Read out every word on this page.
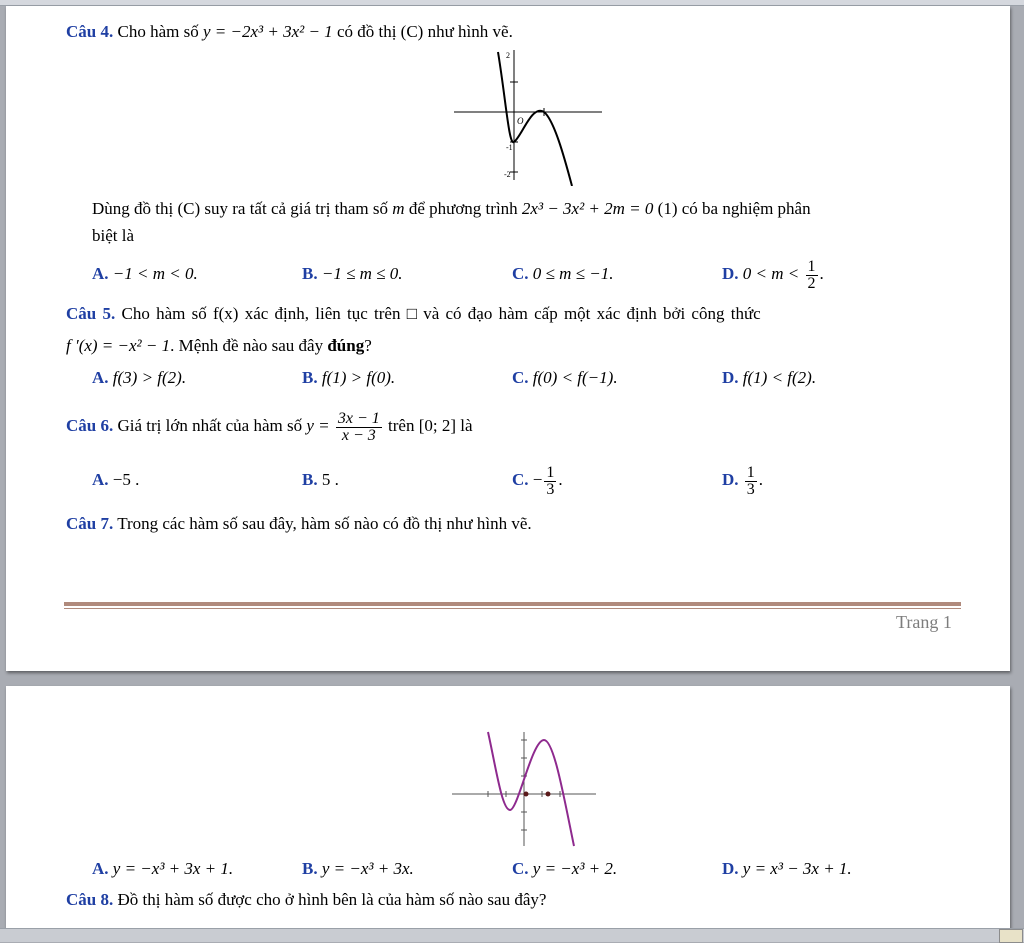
Câu 4. Cho hàm số y = −2x³ + 3x² − 1 có đồ thị (C) như hình vẽ.
2
O
-1
-2
Dùng đồ thị (C) suy ra tất cả giá trị tham số m để phương trình 2x³ − 3x² + 2m = 0 (1) có ba nghiệm phân
biệt là
A. −1 < m < 0.	B. −1 ≤ m ≤ 0.	C. 0 ≤ m ≤ −1.	D. $0 < m < \frac{1}{2}$ .
Câu 5. Cho hàm số f(x) xác định, liên tục trên □ và có đạo hàm cấp một xác định bởi công thức
f ′(x) = −x² − 1. Mệnh đề nào sau đây đúng?
A. f(3) > f(2).	B. f(1) > f(0).	C. f(0) < f(−1).	D. f(1) < f(2).
Câu 6. Giá trị lớn nhất của hàm số $y = \frac{3x - 1}{x - 3}$ trên [0; 2] là
A. −5 .	B. 5 .	C. − $\frac{1}{3}$ .	D. $\frac{1}{3}$ .
Câu 7. Trong các hàm số sau đây, hàm số nào có đồ thị như hình vẽ.
Trang 1
A. y = −x³ + 3x + 1.	B. y = −x³ + 3x.	C. y = −x³ + 2.	D. y = x³ − 3x + 1.
Câu 8. Đồ thị hàm số được cho ở hình bên là của hàm số nào sau đây?
